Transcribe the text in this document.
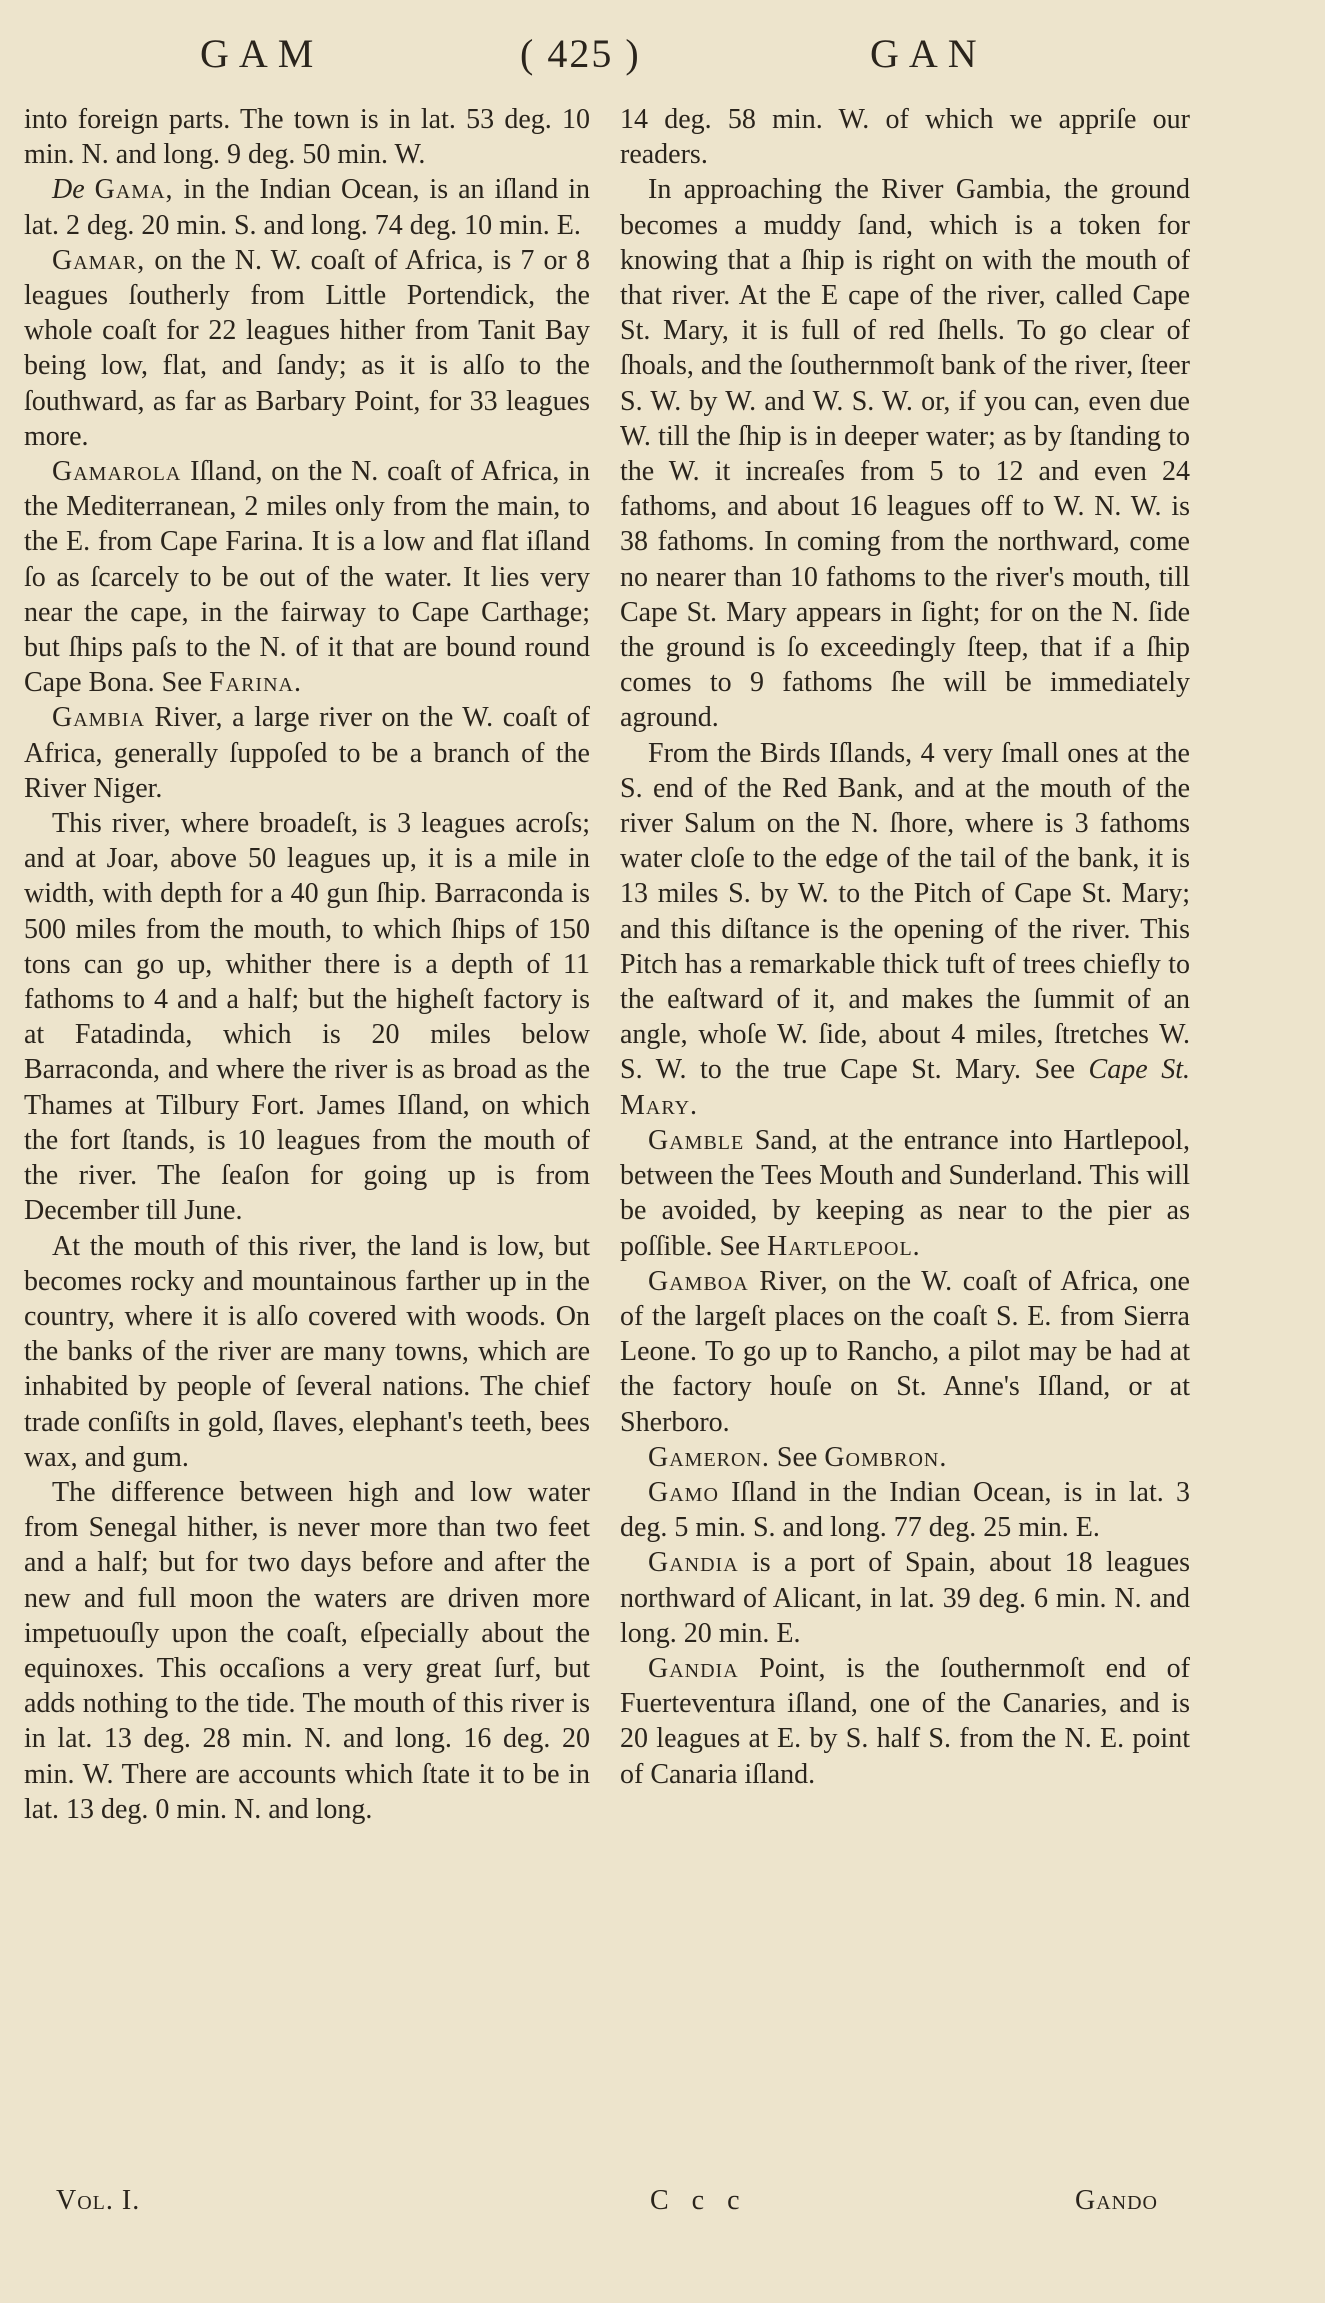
GAM	( 425 )	GAN

into foreign parts. The town is in lat. 53 deg. 10 min. N. and long. 9 deg. 50 min. W.

De Gama, in the Indian Ocean, is an iſland in lat. 2 deg. 20 min. S. and long. 74 deg. 10 min. E.

Gamar, on the N. W. coaſt of Africa, is 7 or 8 leagues ſoutherly from Little Portendick, the whole coaſt for 22 leagues hither from Tanit Bay being low, flat, and ſandy; as it is alſo to the ſouthward, as far as Barbary Point, for 33 leagues more.

Gamarola Iſland, on the N. coaſt of Africa, in the Mediterranean, 2 miles only from the main, to the E. from Cape Farina. It is a low and flat iſland ſo as ſcarcely to be out of the water. It lies very near the cape, in the fairway to Cape Carthage; but ſhips paſs to the N. of it that are bound round Cape Bona. See Farina.

Gambia River, a large river on the W. coaſt of Africa, generally ſuppoſed to be a branch of the River Niger.

This river, where broadeſt, is 3 leagues acroſs; and at Joar, above 50 leagues up, it is a mile in width, with depth for a 40 gun ſhip. Barraconda is 500 miles from the mouth, to which ſhips of 150 tons can go up, whither there is a depth of 11 fathoms to 4 and a half; but the higheſt factory is at Fatadinda, which is 20 miles below Barraconda, and where the river is as broad as the Thames at Tilbury Fort. James Iſland, on which the fort ſtands, is 10 leagues from the mouth of the river. The ſeaſon for going up is from December till June.

At the mouth of this river, the land is low, but becomes rocky and mountainous farther up in the country, where it is alſo covered with woods. On the banks of the river are many towns, which are inhabited by people of ſeveral nations. The chief trade conſiſts in gold, ſlaves, elephant's teeth, bees wax, and gum.

The difference between high and low water from Senegal hither, is never more than two feet and a half; but for two days before and after the new and full moon the waters are driven more impetuouſly upon the coaſt, eſpecially about the equinoxes. This occaſions a very great ſurf, but adds nothing to the tide. The mouth of this river is in lat. 13 deg. 28 min. N. and long. 16 deg. 20 min. W. There are accounts which ſtate it to be in lat. 13 deg. 0 min. N. and long.

14 deg. 58 min. W. of which we appriſe our readers.

In approaching the River Gambia, the ground becomes a muddy ſand, which is a token for knowing that a ſhip is right on with the mouth of that river. At the E cape of the river, called Cape St. Mary, it is full of red ſhells. To go clear of ſhoals, and the ſouthernmoſt bank of the river, ſteer S. W. by W. and W. S. W. or, if you can, even due W. till the ſhip is in deeper water; as by ſtanding to the W. it increaſes from 5 to 12 and even 24 fathoms, and about 16 leagues off to W. N. W. is 38 fathoms. In coming from the northward, come no nearer than 10 fathoms to the river's mouth, till Cape St. Mary appears in ſight; for on the N. ſide the ground is ſo exceedingly ſteep, that if a ſhip comes to 9 fathoms ſhe will be immediately aground.

From the Birds Iſlands, 4 very ſmall ones at the S. end of the Red Bank, and at the mouth of the river Salum on the N. ſhore, where is 3 fathoms water cloſe to the edge of the tail of the bank, it is 13 miles S. by W. to the Pitch of Cape St. Mary; and this diſtance is the opening of the river. This Pitch has a remarkable thick tuft of trees chiefly to the eaſtward of it, and makes the ſummit of an angle, whoſe W. ſide, about 4 miles, ſtretches W. S. W. to the true Cape St. Mary. See Cape St. Mary.

Gamble Sand, at the entrance into Hartlepool, between the Tees Mouth and Sunderland. This will be avoided, by keeping as near to the pier as poſſible. See Hartlepool.

Gamboa River, on the W. coaſt of Africa, one of the largeſt places on the coaſt S. E. from Sierra Leone. To go up to Rancho, a pilot may be had at the factory houſe on St. Anne's Iſland, or at Sherboro.

Gameron. See Gombron.

Gamo Iſland in the Indian Ocean, is in lat. 3 deg. 5 min. S. and long. 77 deg. 25 min. E.

Gandia is a port of Spain, about 18 leagues northward of Alicant, in lat. 39 deg. 6 min. N. and long. 20 min. E.

Gandia Point, is the ſouthernmoſt end of Fuerteventura iſland, one of the Canaries, and is 20 leagues at E. by S. half S. from the N. E. point of Canaria iſland.

Vol. I.	C c c	Gando
